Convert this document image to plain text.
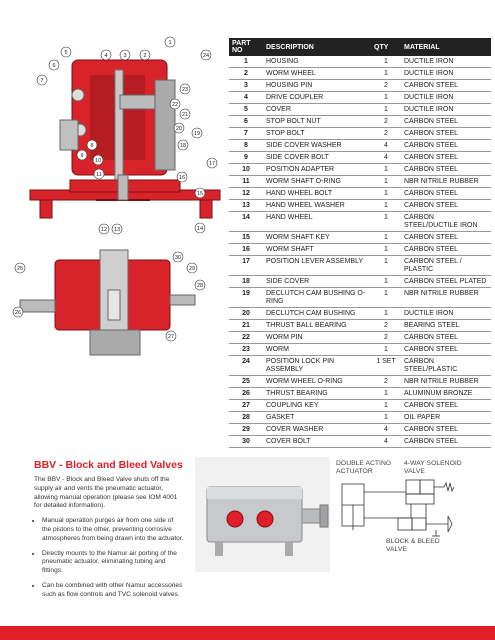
1
2
3
4
5
6
7
8
9
10
11
12 13	14
15
16
17
18
19
20
21
22
23
24
25
26
27
28
29
30
PART NO	DESCRIPTION	QTY	MATERIAL
1	HOUSING	1	DUCTILE IRON
2	WORM WHEEL	1	DUCTILE IRON
3	HOUSING PIN	2	CARBON STEEL
4	DRIVE COUPLER	1	DUCTILE IRON
5	COVER	1	DUCTILE IRON
6	STOP BOLT NUT	2	CARBON STEEL
7	STOP BOLT	2	CARBON STEEL
8	SIDE COVER WASHER	4	CARBON STEEL
9	SIDE COVER BOLT	4	CARBON STEEL
10	POSITION ADAPTER	1	CARBON STEEL
11	WORM SHAFT O-RING	1	NBR NITRILE RUBBER
12	HAND WHEEL BOLT	1	CARBON STEEL
13	HAND WHEEL WASHER	1	CARBON STEEL
14	HAND WHEEL	1	CARBON STEEL/DUCTILE IRON
15	WORM SHAFT KEY	1	CARBON STEEL
16	WORM SHAFT	1	CARBON STEEL
17	POSITION LEVER ASSEMBLY	1	CARBON STEEL / PLASTIC
18	SIDE COVER	1	CARBON STEEL PLATED
19	DECLUTCH CAM BUSHING O-RING	1	NBR NITRILE RUBBER
20	DECLUTCH CAM BUSHING	1	DUCTILE IRON
21	THRUST BALL BEARING	2	BEARING STEEL
22	WORM PIN	2	CARBON STEEL
23	WORM	1	CARBON STEEL
24	POSITION LOCK PIN ASSEMBLY	1 SET	CARBON STEEL/PLASTIC
25	WORM WHEEL O-RING	2	NBR NITRILE RUBBER
26	THRUST BEARING	1	ALUMINUM BRONZE
27	COUPLING KEY	1	CARBON STEEL
28	GASKET	1	OIL PAPER
29	COVER WASHER	4	CARBON STEEL
30	COVER BOLT	4	CARBON STEEL
BBV - Block and Bleed Valves

The BBV - Block and Bleed Valve shuts off the supply air and vents the pneumatic actuator, allowing manual operation (please see IOM 4001 for detailed information).

• Manual operation purges air from one side of the pistons to the other, preventing corrosive atmospheres from being drawn into the actuator.
• Directly mounts to the Namur air porting of the pneumatic actuator, eliminating tubing and fittings.
• Can be combined with other Namur accessories such as flow controls and TVC solenoid valves.
DOUBLE ACTING
ACTUATOR
4-WAY SOLENOID
VALVE
BLOCK & BLEED
VALVE
